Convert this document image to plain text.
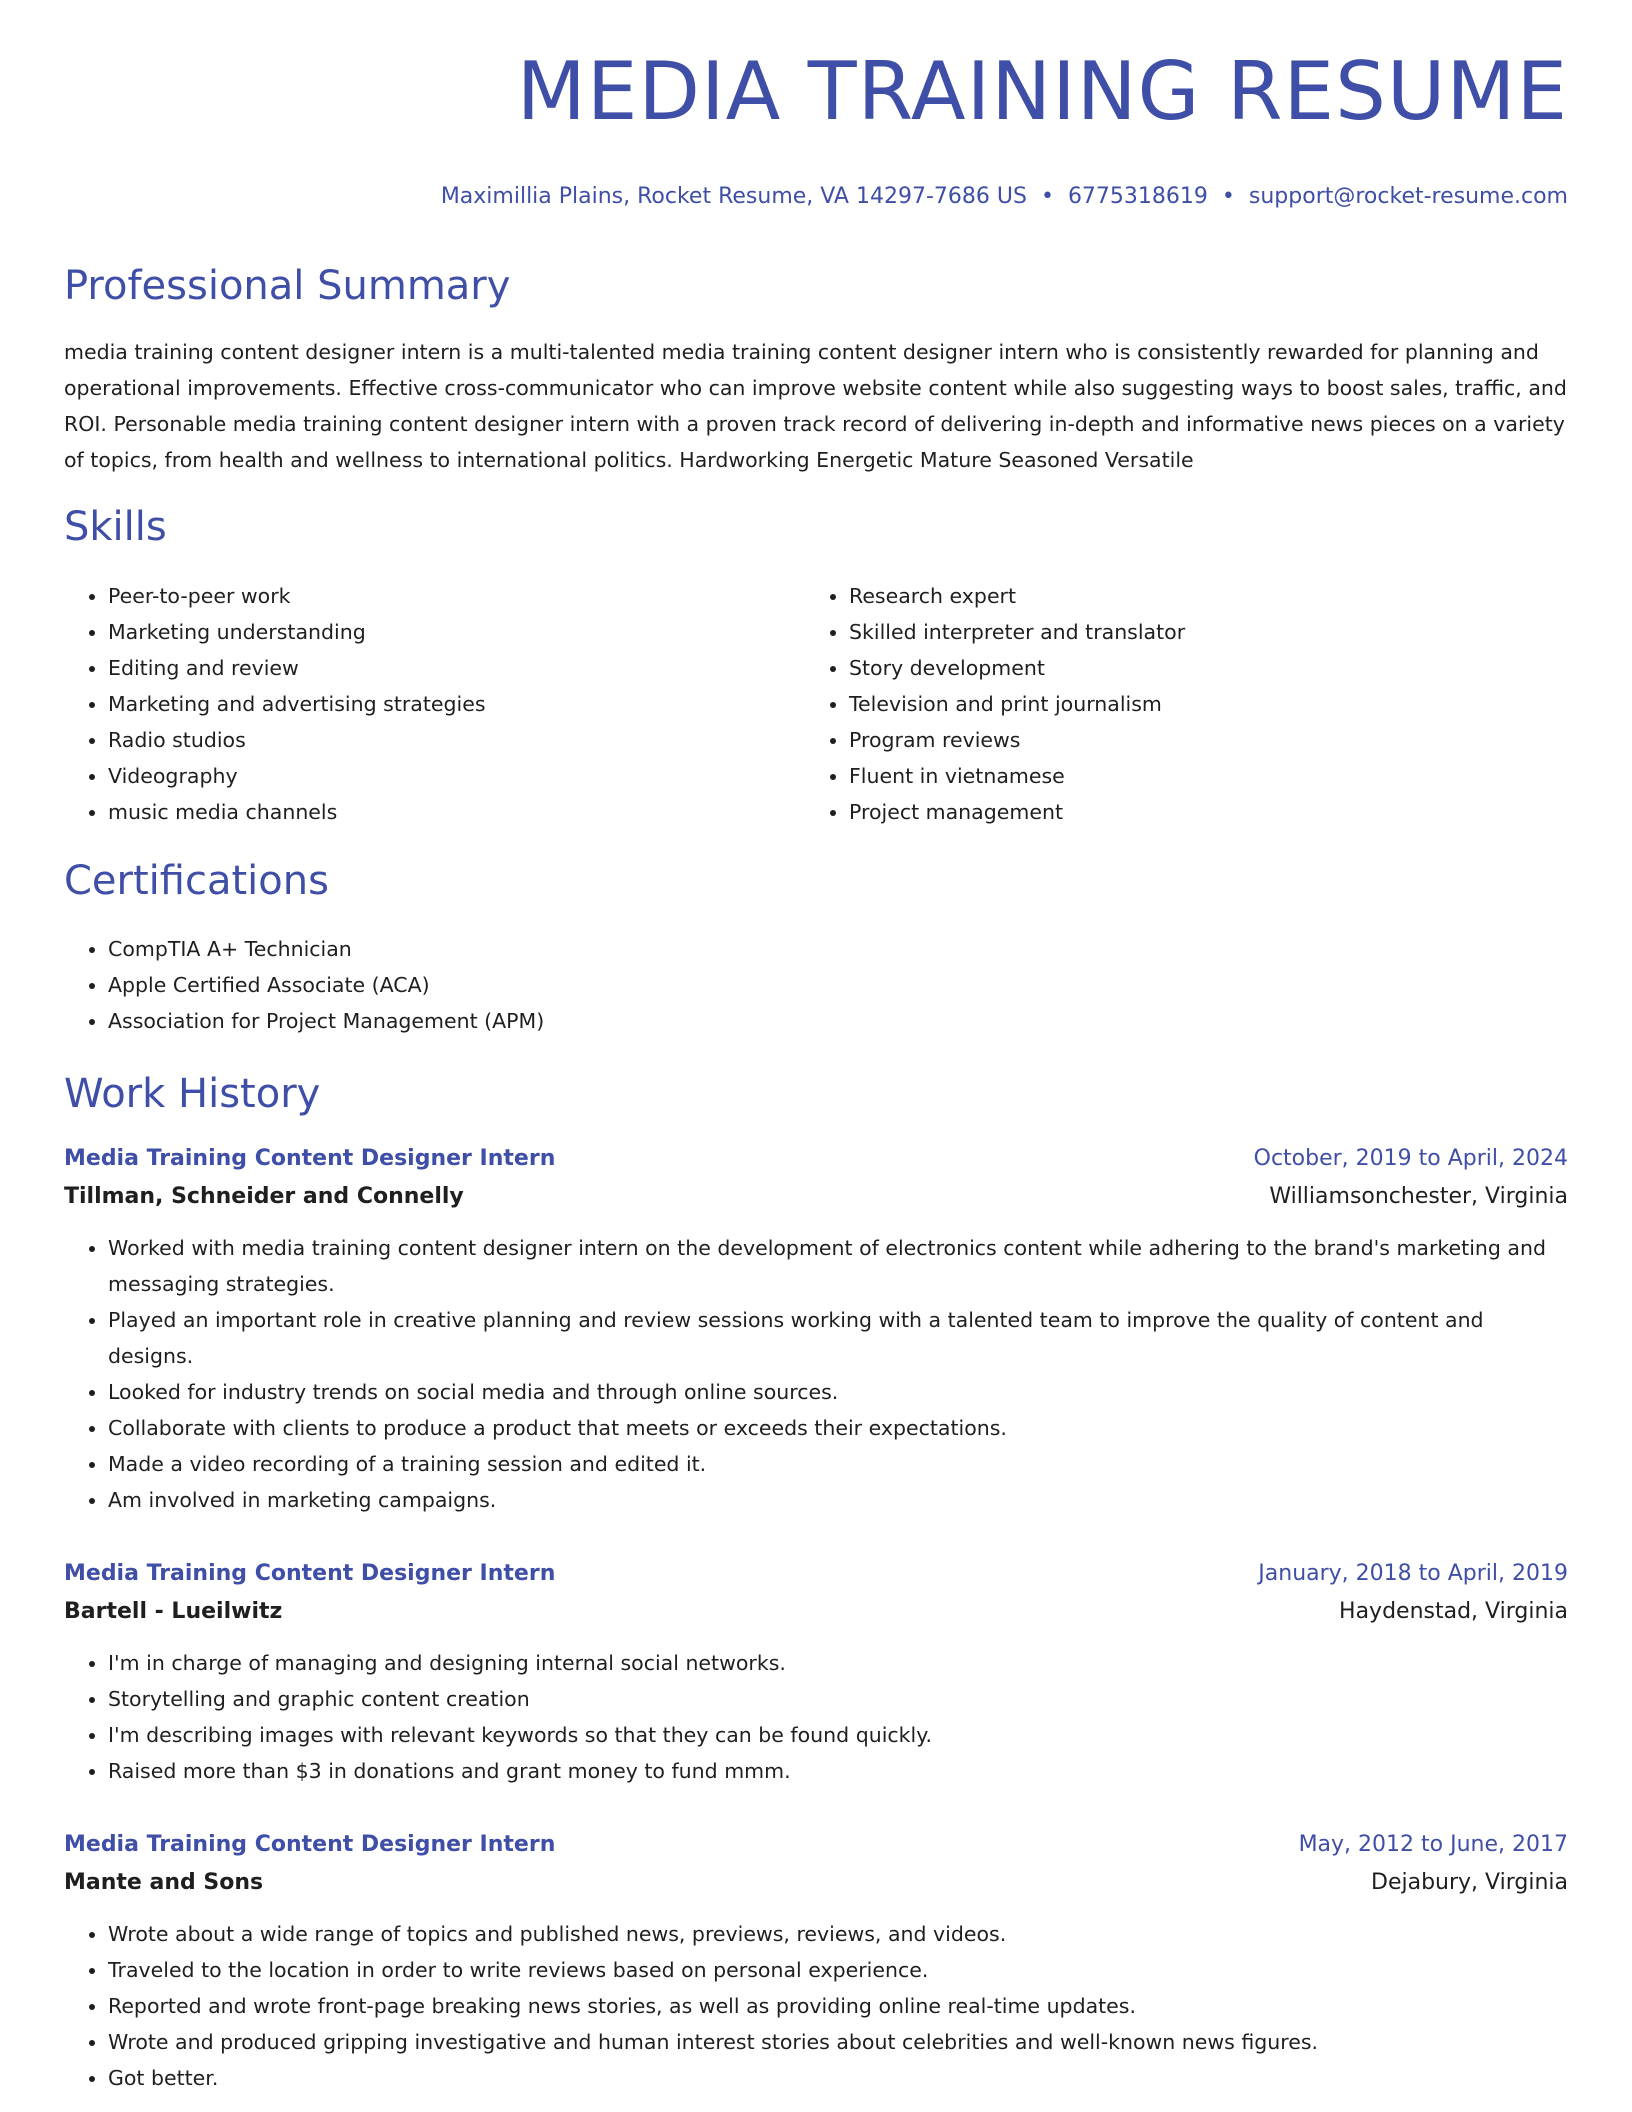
MEDIA TRAINING RESUME
Maximillia Plains, Rocket Resume, VA 14297-7686 US • 6775318619 • support@rocket-resume.com
Professional Summary

media training content designer intern is a multi-talented media training content designer intern who is consistently rewarded for planning and operational improvements. Effective cross-communicator who can improve website content while also suggesting ways to boost sales, traffic, and ROI. Personable media training content designer intern with a proven track record of delivering in-depth and informative news pieces on a variety of topics, from health and wellness to international politics. Hardworking Energetic Mature Seasoned Versatile

Skills
• Peer-to-peer work
• Marketing understanding
• Editing and review
• Marketing and advertising strategies
• Radio studios
• Videography
• music media channels
• Research expert
• Skilled interpreter and translator
• Story development
• Television and print journalism
• Program reviews
• Fluent in vietnamese
• Project management
Certifications
• CompTIA A+ Technician
• Apple Certified Associate (ACA)
• Association for Project Management (APM)
Work History
Media Training Content Designer Intern	October, 2019 to April, 2024
Tillman, Schneider and Connelly	Williamsonchester, Virginia
• Worked with media training content designer intern on the development of electronics content while adhering to the brand's marketing and messaging strategies.
• Played an important role in creative planning and review sessions working with a talented team to improve the quality of content and designs.
• Looked for industry trends on social media and through online sources.
• Collaborate with clients to produce a product that meets or exceeds their expectations.
• Made a video recording of a training session and edited it.
• Am involved in marketing campaigns.
Media Training Content Designer Intern	January, 2018 to April, 2019
Bartell - Lueilwitz	Haydenstad, Virginia
• I'm in charge of managing and designing internal social networks.
• Storytelling and graphic content creation
• I'm describing images with relevant keywords so that they can be found quickly.
• Raised more than $3 in donations and grant money to fund mmm.
Media Training Content Designer Intern	May, 2012 to June, 2017
Mante and Sons	Dejabury, Virginia
• Wrote about a wide range of topics and published news, previews, reviews, and videos.
• Traveled to the location in order to write reviews based on personal experience.
• Reported and wrote front-page breaking news stories, as well as providing online real-time updates.
• Wrote and produced gripping investigative and human interest stories about celebrities and well-known news figures.
• Got better.
